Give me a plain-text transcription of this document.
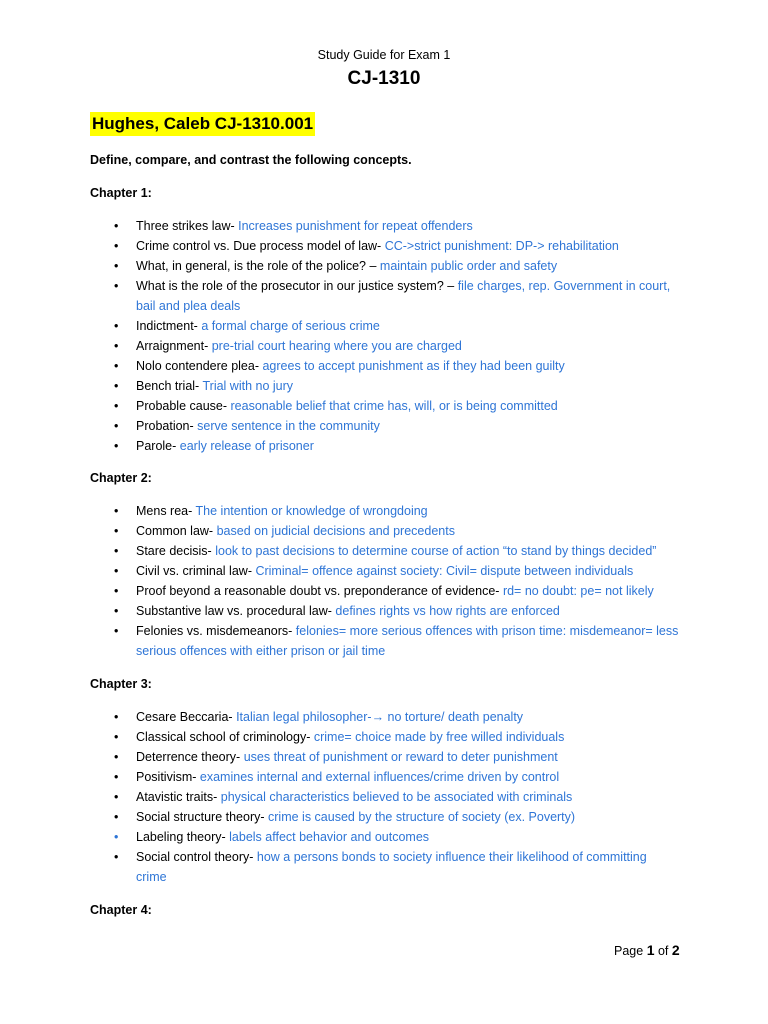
Study Guide for Exam 1
CJ-1310
Hughes, Caleb CJ-1310.001
Define, compare, and contrast the following concepts.
Chapter 1:
• Three strikes law- Increases punishment for repeat offenders
• Crime control vs. Due process model of law- CC->strict punishment: DP-> rehabilitation
• What, in general, is the role of the police? – maintain public order and safety
• What is the role of the prosecutor in our justice system? – file charges, rep. Government in court, bail and plea deals
• Indictment- a formal charge of serious crime
• Arraignment- pre-trial court hearing where you are charged
• Nolo contendere plea- agrees to accept punishment as if they had been guilty
• Bench trial- Trial with no jury
• Probable cause- reasonable belief that crime has, will, or is being committed
• Probation- serve sentence in the community
• Parole- early release of prisoner
Chapter 2:
• Mens rea- The intention or knowledge of wrongdoing
• Common law- based on judicial decisions and precedents
• Stare decisis- look to past decisions to determine course of action “to stand by things decided”
• Civil vs. criminal law- Criminal= offence against society: Civil= dispute between individuals
• Proof beyond a reasonable doubt vs. preponderance of evidence- rd= no doubt: pe= not likely
• Substantive law vs. procedural law- defines rights vs how rights are enforced
• Felonies vs. misdemeanors- felonies= more serious offences with prison time: misdemeanor= less serious offences with either prison or jail time
Chapter 3:
• Cesare Beccaria- Italian legal philosopher-→ no torture/ death penalty
• Classical school of criminology- crime= choice made by free willed individuals
• Deterrence theory- uses threat of punishment or reward to deter punishment
• Positivism- examines internal and external influences/crime driven by control
• Atavistic traits- physical characteristics believed to be associated with criminals
• Social structure theory- crime is caused by the structure of society (ex. Poverty)
• Labeling theory- labels affect behavior and outcomes
• Social control theory- how a persons bonds to society influence their likelihood of committing crime
Chapter 4:
Page 1 of 2
